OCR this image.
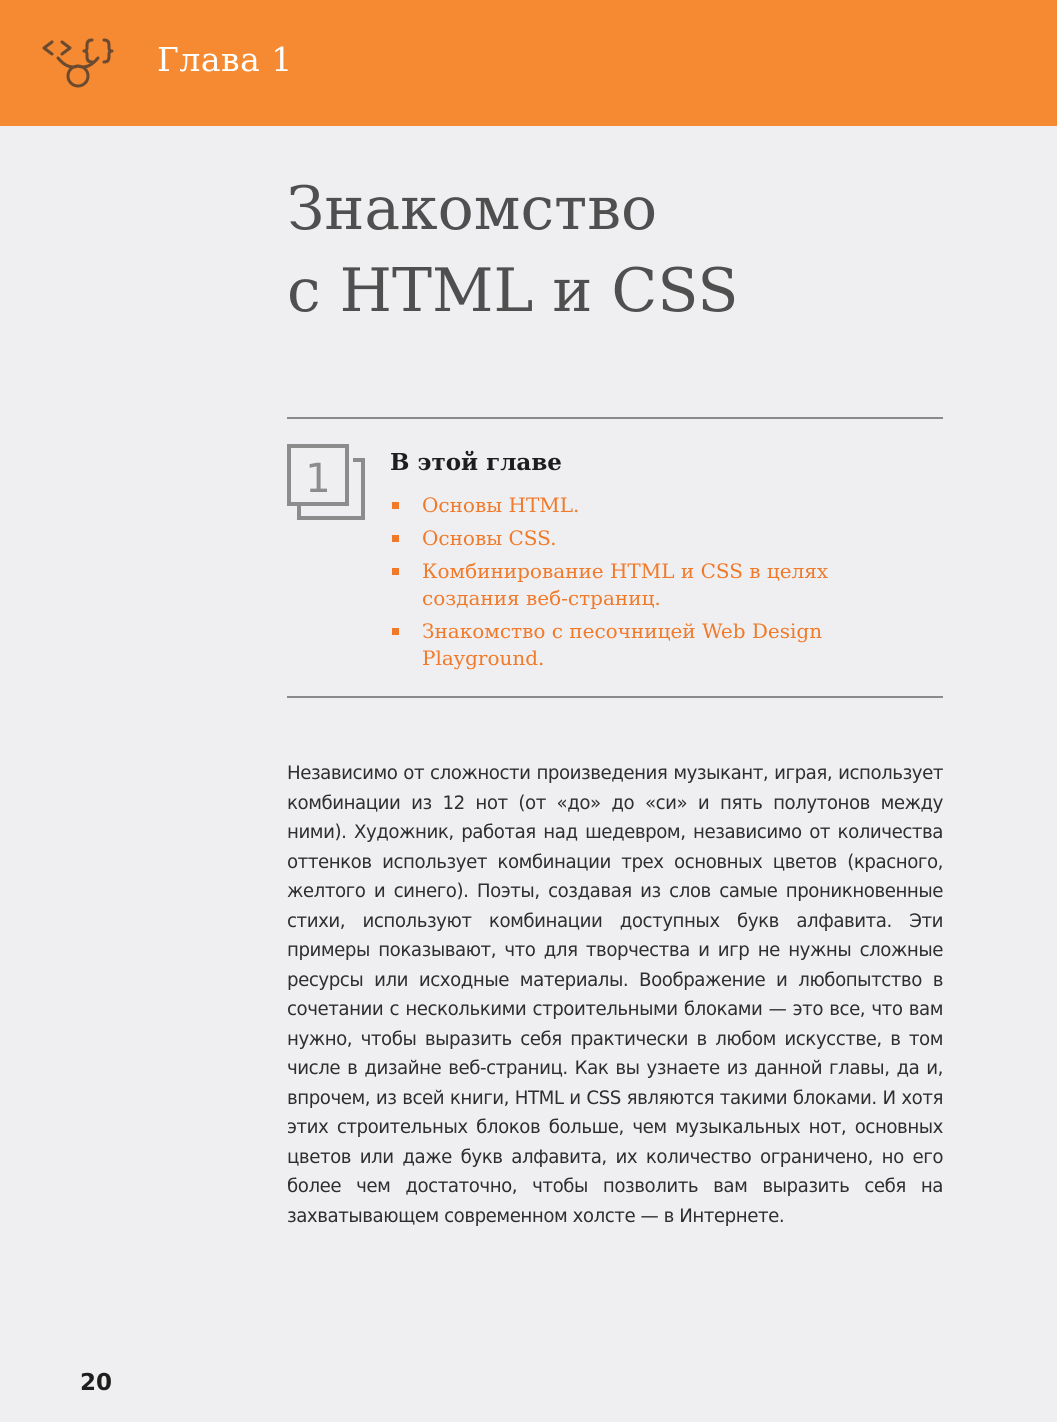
Глава 1
Знакомство
с HTML и CSS
1	В этой главе
Основы HTML.
Основы CSS.
Комбинирование HTML и CSS в целях создания веб-страниц.
Знакомство с песочницей Web Design Playground.

Независимо от сложности произведения музыкант, играя, использует комбинации из 12 нот (от «до» до «си» и пять полутонов между ними). Художник, работая над шедевром, независимо от количества оттенков использует комбинации трех основных цветов (красного, желтого и синего). Поэты, создавая из слов самые проникновенные стихи, используют комбинации доступных букв алфавита. Эти примеры показывают, что для творчества и игр не нужны сложные ресурсы или исходные материалы. Воображение и любопытство в сочетании с несколькими строительными блоками — это все, что вам нужно, чтобы выразить себя практически в любом искусстве, в том числе в дизайне веб-страниц. Как вы узнаете из данной главы, да и, впрочем, из всей книги, HTML и CSS являются такими блоками. И хотя этих строительных блоков больше, чем музыкальных нот, основных цветов или даже букв алфавита, их количество ограничено, но его более чем достаточно, чтобы позволить вам выразить себя на захватывающем современном холсте — в Интернете.

20
